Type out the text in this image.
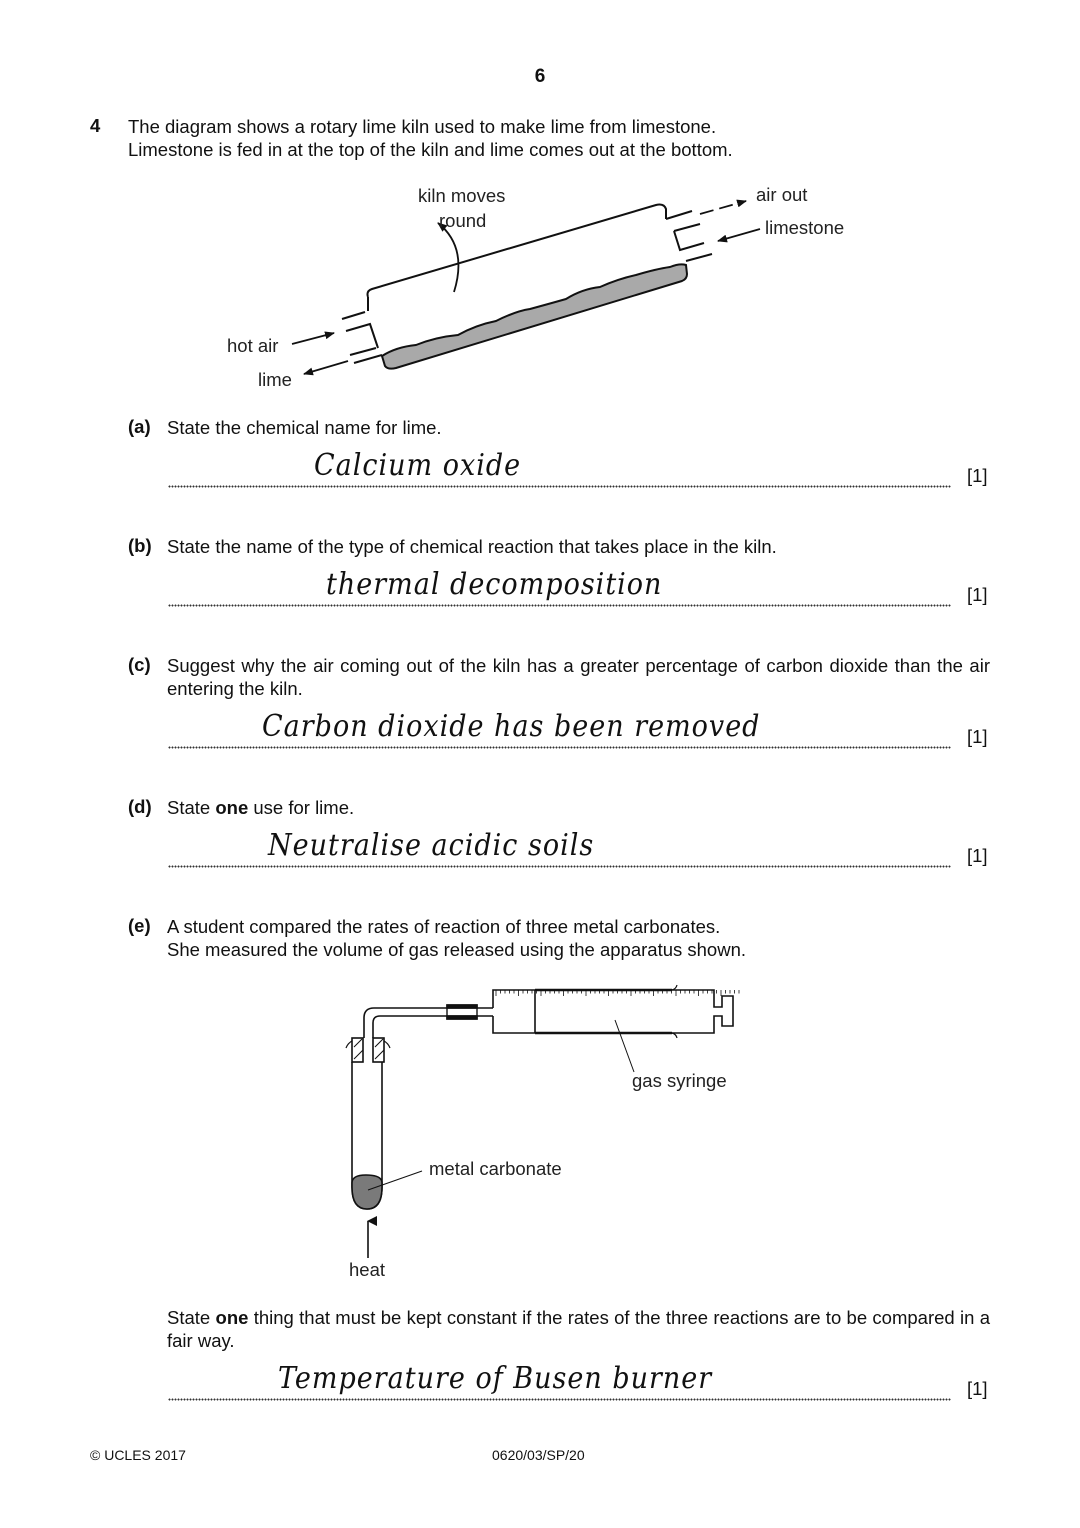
6
4 The diagram shows a rotary lime kiln used to make lime from limestone.
Limestone is fed in at the top of the kiln and lime comes out at the bottom.
kiln moves
round
air out
limestone
hot air
lime
(a) State the chemical name for lime.
Calcium oxide	[1]
(b) State the name of the type of chemical reaction that takes place in the kiln.
thermal decomposition	[1]
(c) Suggest why the air coming out of the kiln has a greater percentage of carbon dioxide than the air entering the kiln.
Carbon dioxide has been removed	[1]
(d) State one use for lime.
Neutralise acidic soils	[1]
(e) A student compared the rates of reaction of three metal carbonates.
She measured the volume of gas released using the apparatus shown.
gas syringe
metal carbonate
heat
State one thing that must be kept constant if the rates of the three reactions are to be compared in a fair way.
Temperature of Busen burner	[1]
© UCLES 2017	0620/03/SP/20
